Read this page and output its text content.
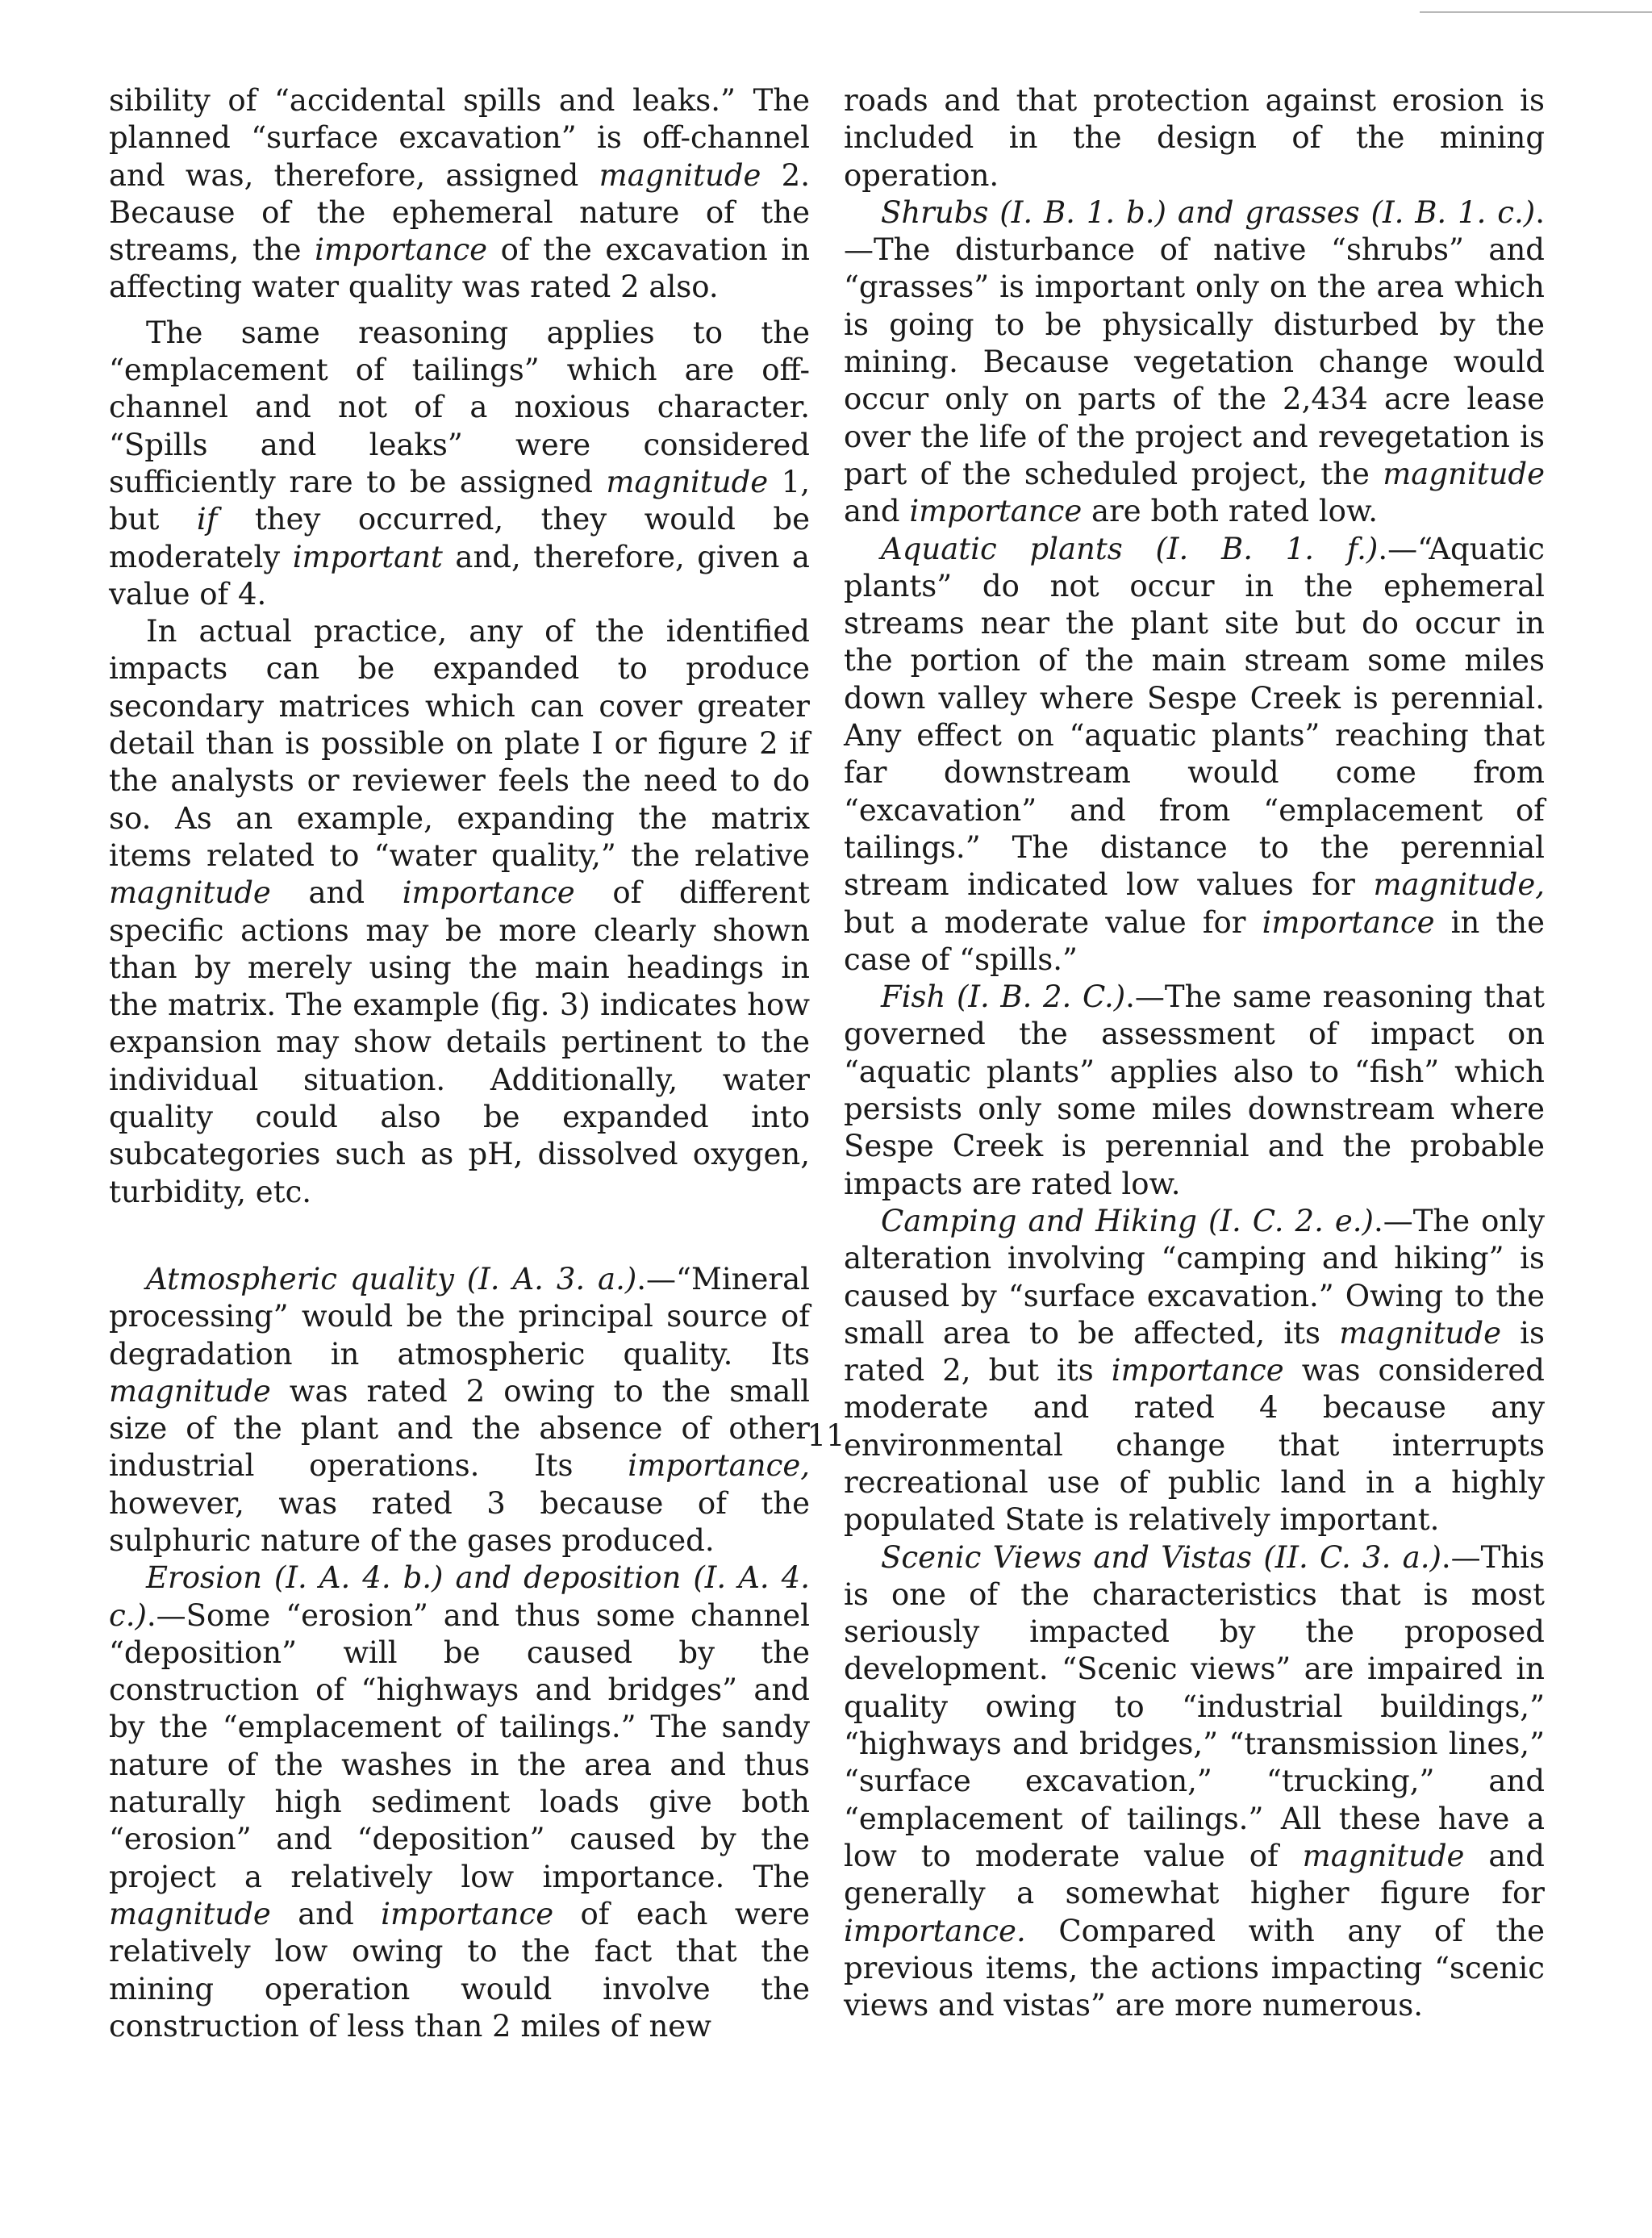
sibility of “accidental spills and leaks.” The planned “surface excavation” is off-channel and was, therefore, assigned magnitude 2. Because of the ephemeral nature of the streams, the importance of the excavation in affecting water quality was rated 2 also.

The same reasoning applies to the “emplacement of tailings” which are off-channel and not of a noxious character. “Spills and leaks” were considered sufficiently rare to be assigned magnitude 1, but if they occurred, they would be moderately important and, therefore, given a value of 4.

In actual practice, any of the identified impacts can be expanded to produce secondary matrices which can cover greater detail than is possible on plate I or figure 2 if the analysts or reviewer feels the need to do so. As an example, expanding the matrix items related to “water quality,” the relative magnitude and importance of different specific actions may be more clearly shown than by merely using the main headings in the matrix. The example (fig. 3) indicates how expansion may show details pertinent to the individual situation. Additionally, water quality could also be expanded into subcategories such as pH, dissolved oxygen, turbidity, etc.

Atmospheric quality (I. A. 3. a.).—“Mineral processing” would be the principal source of degradation in atmospheric quality. Its magnitude was rated 2 owing to the small size of the plant and the absence of other industrial operations. Its importance, however, was rated 3 because of the sulphuric nature of the gases produced.

Erosion (I. A. 4. b.) and deposition (I. A. 4. c.).—Some “erosion” and thus some channel “deposition” will be caused by the construction of “highways and bridges” and by the “emplacement of tailings.” The sandy nature of the washes in the area and thus naturally high sediment loads give both “erosion” and “deposition” caused by the project a relatively low importance. The magnitude and importance of each were relatively low owing to the fact that the mining operation would involve the construction of less than 2 miles of new

roads and that protection against erosion is included in the design of the mining operation.

Shrubs (I. B. 1. b.) and grasses (I. B. 1. c.).—The disturbance of native “shrubs” and “grasses” is important only on the area which is going to be physically disturbed by the mining. Because vegetation change would occur only on parts of the 2,434 acre lease over the life of the project and revegetation is part of the scheduled project, the magnitude and importance are both rated low.

Aquatic plants (I. B. 1. f.).—“Aquatic plants” do not occur in the ephemeral streams near the plant site but do occur in the portion of the main stream some miles down valley where Sespe Creek is perennial. Any effect on “aquatic plants” reaching that far downstream would come from “excavation” and from “emplacement of tailings.” The distance to the perennial stream indicated low values for magnitude, but a moderate value for importance in the case of “spills.”

Fish (I. B. 2. C.).—The same reasoning that governed the assessment of impact on “aquatic plants” applies also to “fish” which persists only some miles downstream where Sespe Creek is perennial and the probable impacts are rated low.

Camping and Hiking (I. C. 2. e.).—The only alteration involving “camping and hiking” is caused by “surface excavation.” Owing to the small area to be affected, its magnitude is rated 2, but its importance was considered moderate and rated 4 because any environmental change that interrupts recreational use of public land in a highly populated State is relatively important.

Scenic Views and Vistas (II. C. 3. a.).—This is one of the characteristics that is most seriously impacted by the proposed development. “Scenic views” are impaired in quality owing to “industrial buildings,” “highways and bridges,” “transmission lines,” “surface excavation,” “trucking,” and “emplacement of tailings.” All these have a low to moderate value of magnitude and generally a somewhat higher figure for importance. Compared with any of the previous items, the actions impacting “scenic views and vistas” are more numerous.

11
